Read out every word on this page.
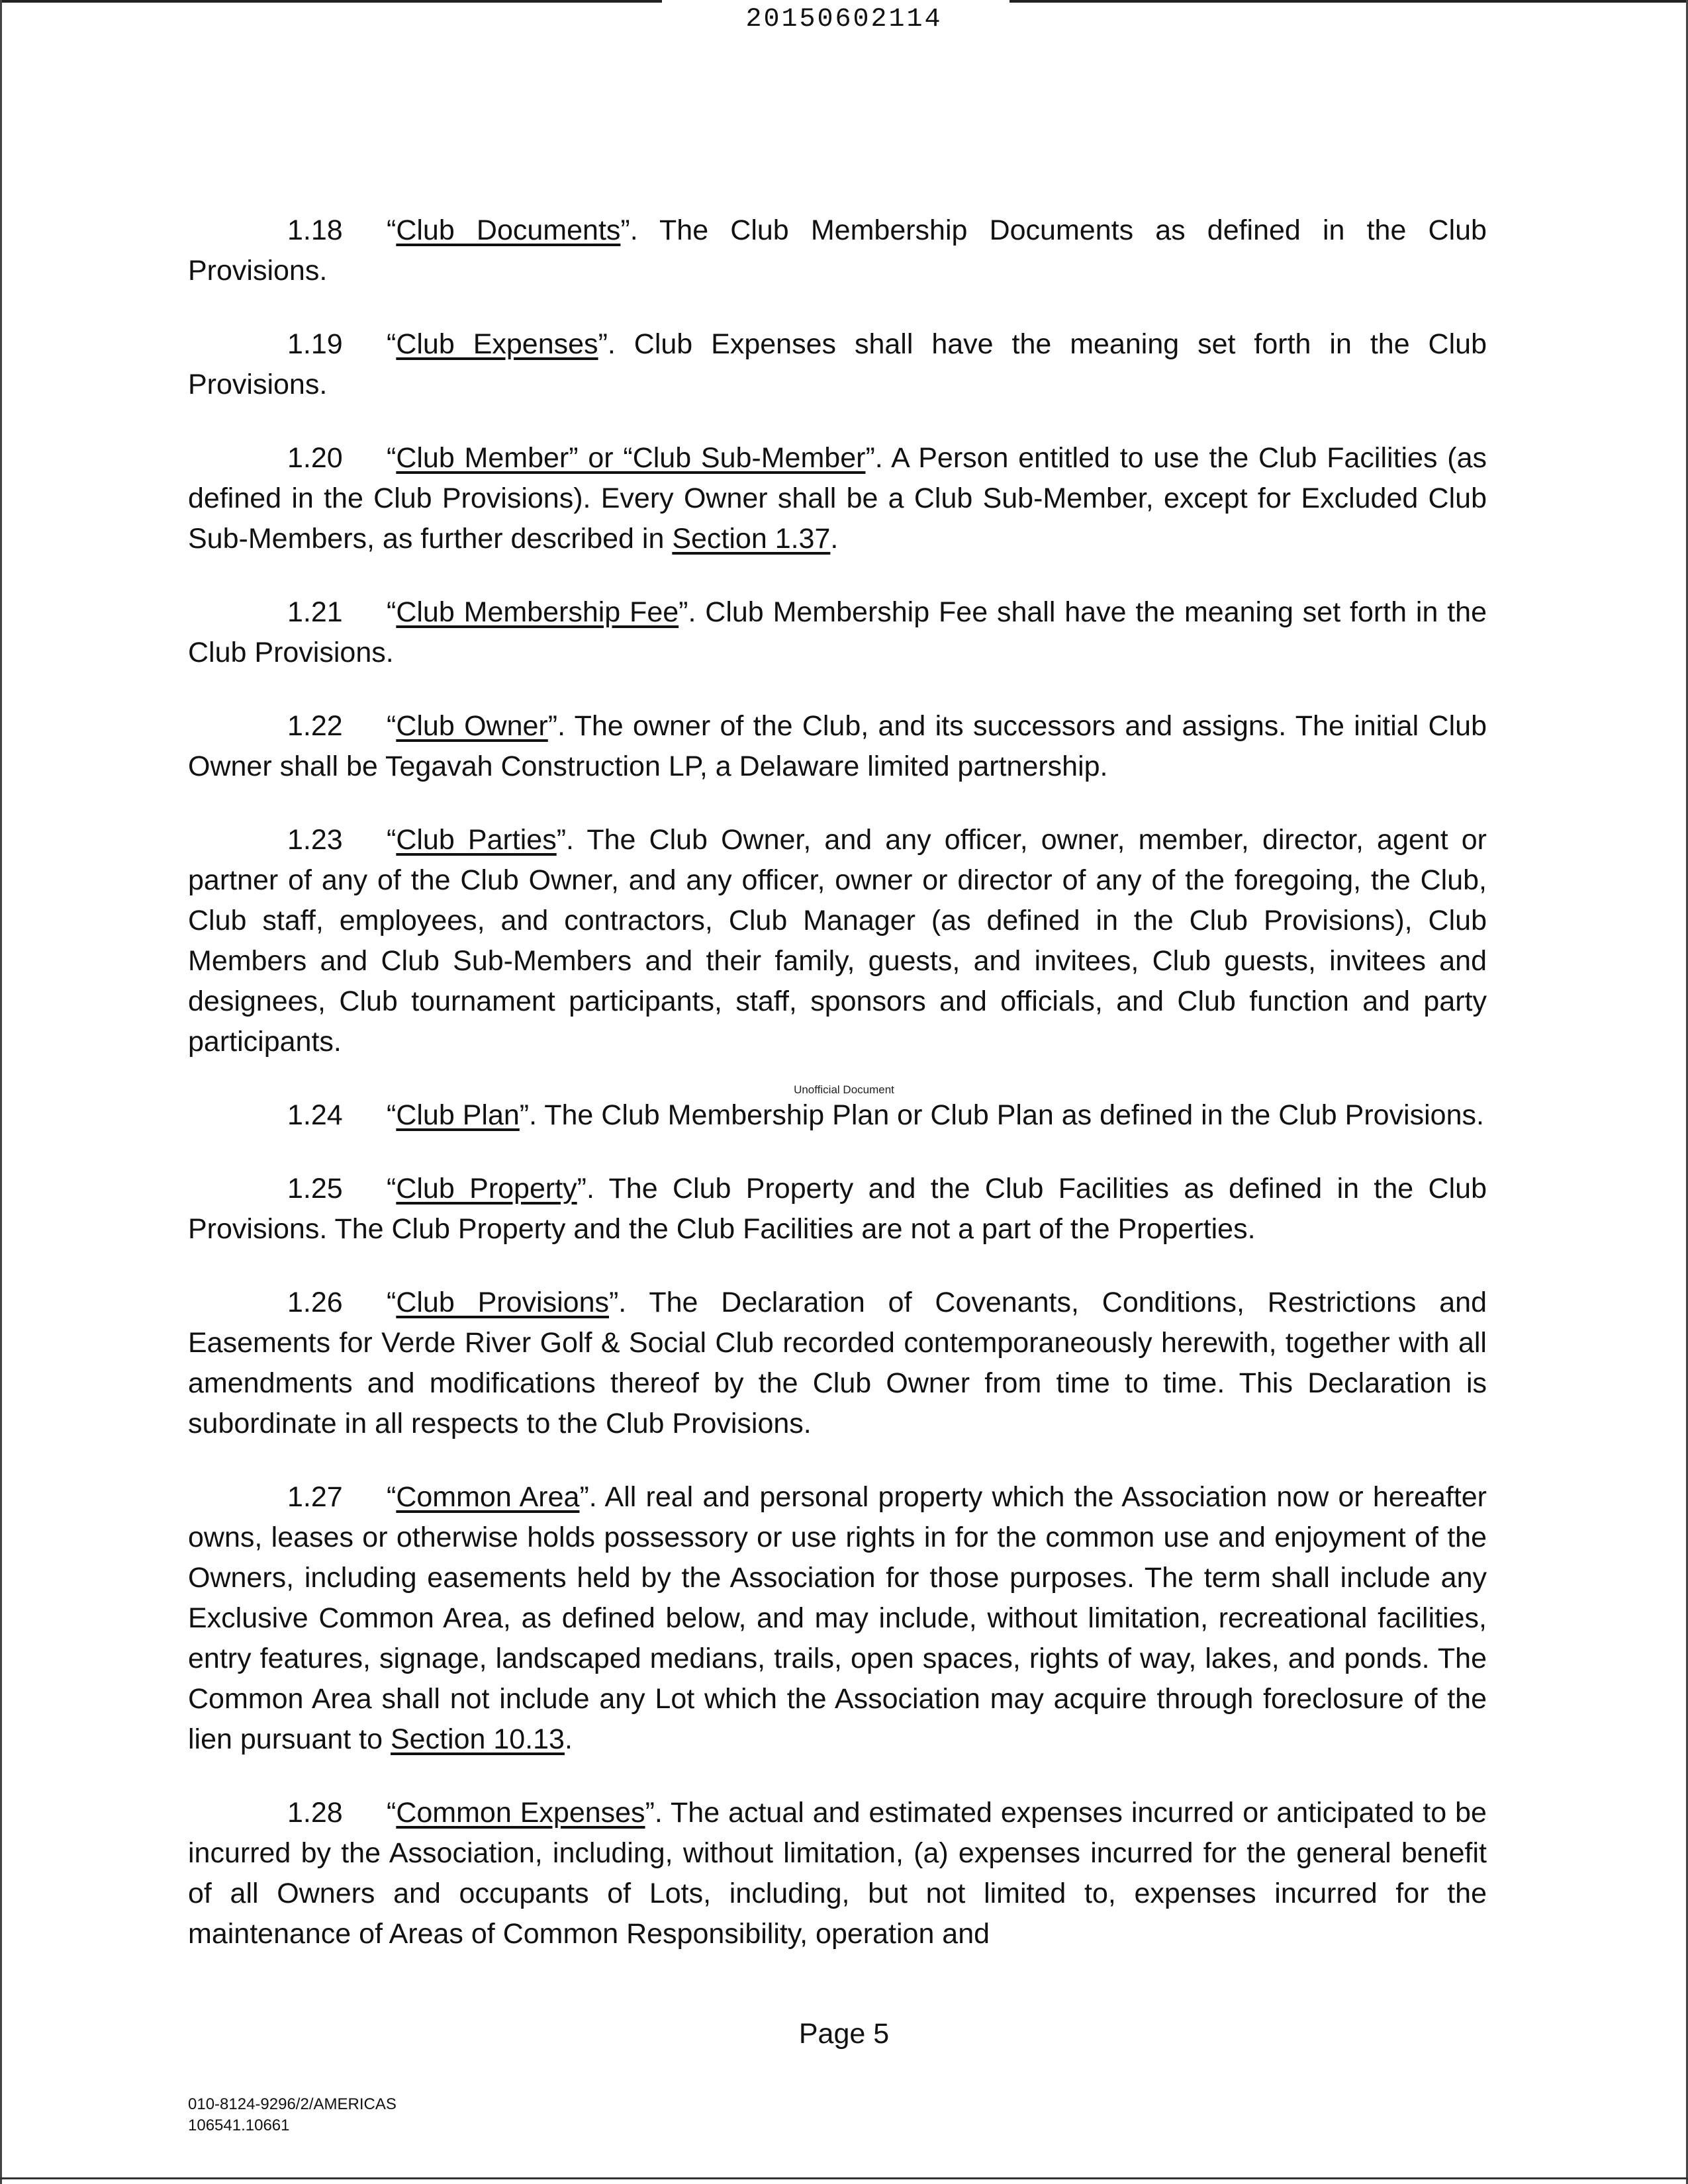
20150602114

1.18 “Club Documents”. The Club Membership Documents as defined in the Club Provisions.

1.19 “Club Expenses”. Club Expenses shall have the meaning set forth in the Club Provisions.

1.20 “Club Member” or “Club Sub-Member”. A Person entitled to use the Club Facilities (as defined in the Club Provisions). Every Owner shall be a Club Sub-Member, except for Excluded Club Sub-Members, as further described in Section 1.37.

1.21 “Club Membership Fee”. Club Membership Fee shall have the meaning set forth in the Club Provisions.

1.22 “Club Owner”. The owner of the Club, and its successors and assigns. The initial Club Owner shall be Tegavah Construction LP, a Delaware limited partnership.

1.23 “Club Parties”. The Club Owner, and any officer, owner, member, director, agent or partner of any of the Club Owner, and any officer, owner or director of any of the foregoing, the Club, Club staff, employees, and contractors, Club Manager (as defined in the Club Provisions), Club Members and Club Sub-Members and their family, guests, and invitees, Club guests, invitees and designees, Club tournament participants, staff, sponsors and officials, and Club function and party participants.

1.24 “Club Plan”. The Club Membership Plan or Club Plan as defined in the Club Provisions.

1.25 “Club Property”. The Club Property and the Club Facilities as defined in the Club Provisions. The Club Property and the Club Facilities are not a part of the Properties.

1.26 “Club Provisions”. The Declaration of Covenants, Conditions, Restrictions and Easements for Verde River Golf & Social Club recorded contemporaneously herewith, together with all amendments and modifications thereof by the Club Owner from time to time. This Declaration is subordinate in all respects to the Club Provisions.

1.27 “Common Area”. All real and personal property which the Association now or hereafter owns, leases or otherwise holds possessory or use rights in for the common use and enjoyment of the Owners, including easements held by the Association for those purposes. The term shall include any Exclusive Common Area, as defined below, and may include, without limitation, recreational facilities, entry features, signage, landscaped medians, trails, open spaces, rights of way, lakes, and ponds. The Common Area shall not include any Lot which the Association may acquire through foreclosure of the lien pursuant to Section 10.13.

1.28 “Common Expenses”. The actual and estimated expenses incurred or anticipated to be incurred by the Association, including, without limitation, (a) expenses incurred for the general benefit of all Owners and occupants of Lots, including, but not limited to, expenses incurred for the maintenance of Areas of Common Responsibility, operation and

Unofficial Document
Page 5
010-8124-9296/2/AMERICAS
106541.10661
